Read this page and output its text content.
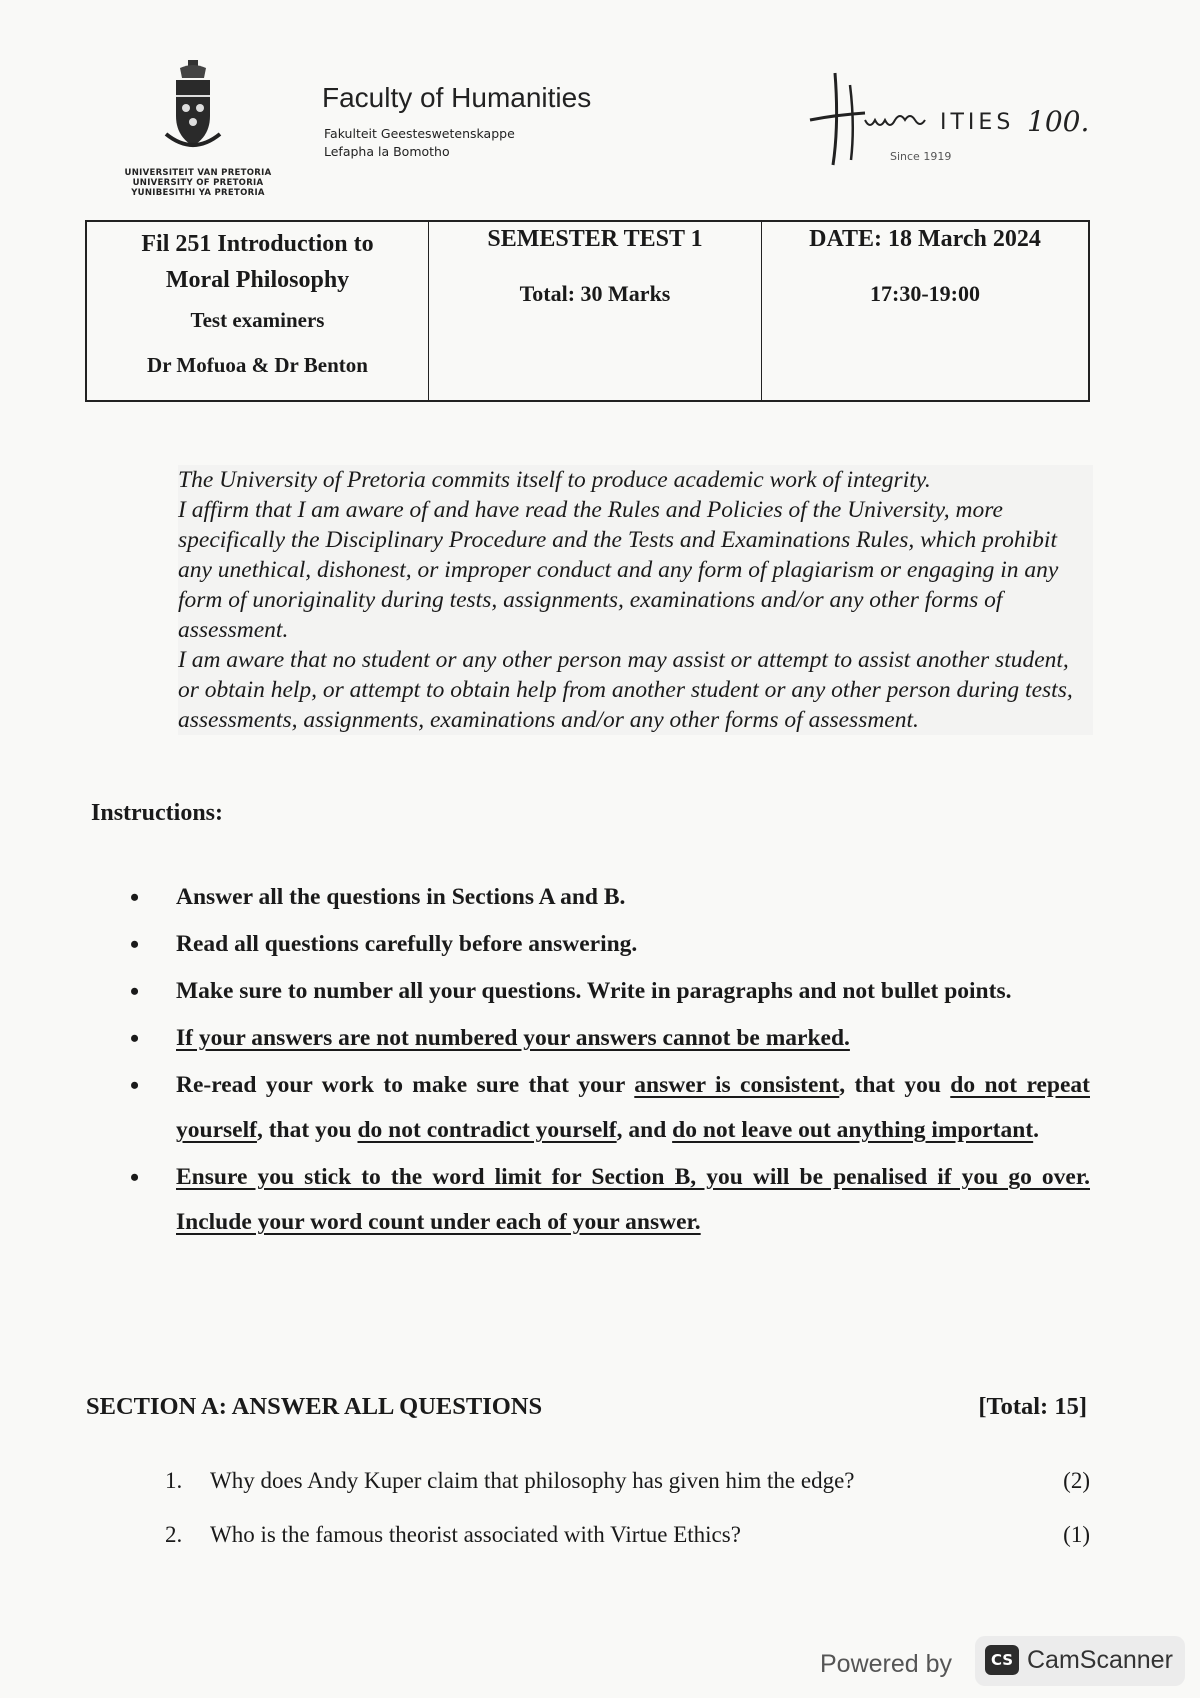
UNIVERSITEIT VAN PRETORIA
UNIVERSITY OF PRETORIA
YUNIBESITHI YA PRETORIA
Faculty of Humanities
Fakulteit Geesteswetenskappe
Lefapha la Bomotho
ITIES 100.
Since 1919
Fil 251 Introduction to
Moral Philosophy
Test examiners
Dr Mofuoa & Dr Benton
SEMESTER TEST 1
Total: 30 Marks
DATE: 18 March 2024
17:30-19:00

The University of Pretoria commits itself to produce academic work of integrity.

I affirm that I am aware of and have read the Rules and Policies of the University, more specifically the Disciplinary Procedure and the Tests and Examinations Rules, which prohibit any unethical, dishonest, or improper conduct and any form of plagiarism or engaging in any form of unoriginality during tests, assignments, examinations and/or any other forms of assessment.

I am aware that no student or any other person may assist or attempt to assist another student, or obtain help, or attempt to obtain help from another student or any other person during tests, assessments, assignments, examinations and/or any other forms of assessment.

Instructions:
• Answer all the questions in Sections A and B.
• Read all questions carefully before answering.
• Make sure to number all your questions. Write in paragraphs and not bullet points.
• If your answers are not numbered your answers cannot be marked.
• Re-read your work to make sure that your answer is consistent, that you do not repeat yourself, that you do not contradict yourself, and do not leave out anything important.
• Ensure you stick to the word limit for Section B, you will be penalised if you go over. Include your word count under each of your answer.
SECTION A: ANSWER ALL QUESTIONS	[Total: 15]
1.	Why does Andy Kuper claim that philosophy has given him the edge?	(2)
2.	Who is the famous theorist associated with Virtue Ethics?	(1)
Powered by	CS CamScanner
